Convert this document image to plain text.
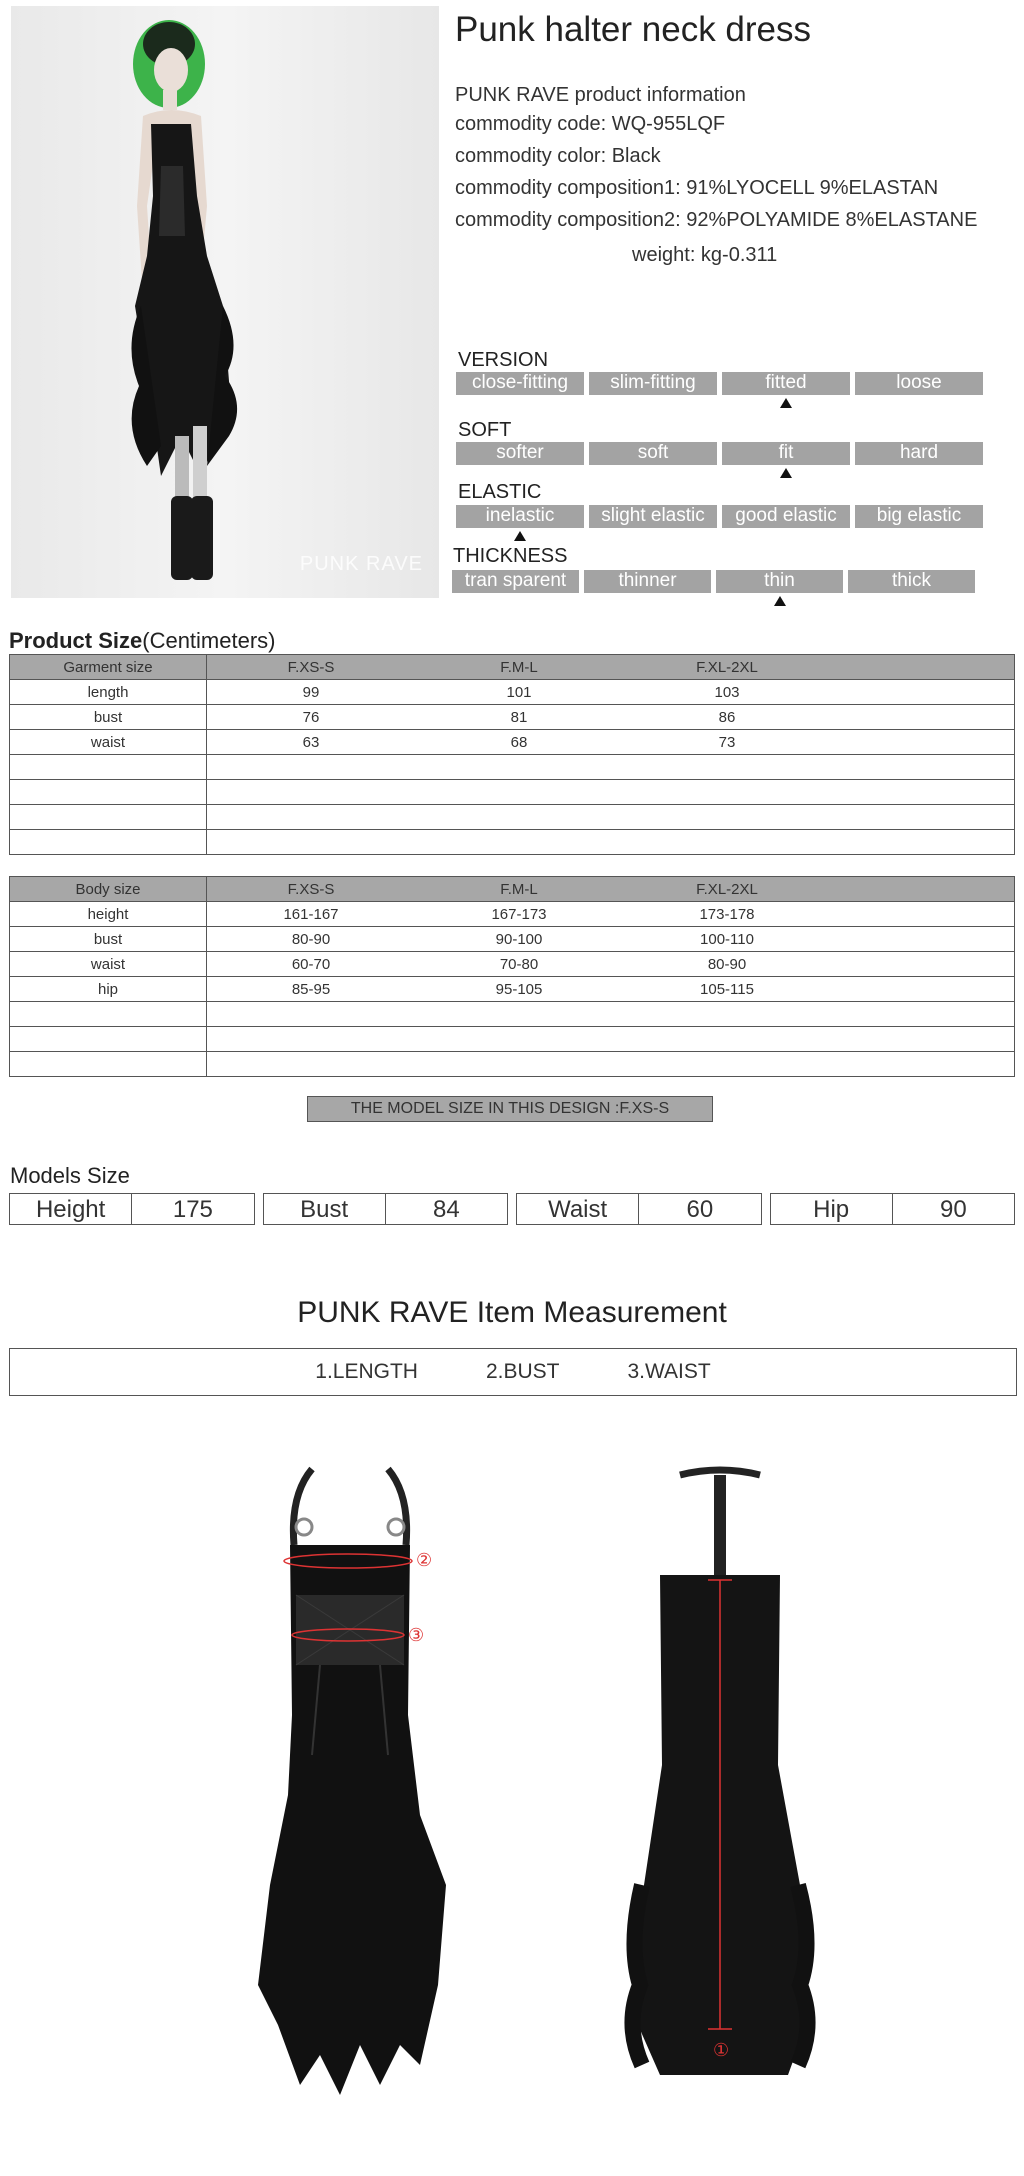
PUNK RAVE
Punk halter neck dress
PUNK RAVE product information
commodity code: WQ-955LQF
commodity color: Black
commodity composition1: 91%LYOCELL 9%ELASTAN
commodity composition2: 92%POLYAMIDE 8%ELASTANE
weight: kg-0.311
VERSION
close-fitting	slim-fitting	fitted	loose
SOFT
softer	soft	fit	hard
ELASTIC
inelastic	slight elastic	good elastic	big elastic
THICKNESS
tran sparent	thinner	thin	thick
Product Size(Centimeters)
Garment size	F.XS-S F.M-L F.XL-2XL

length	99 101 103

bust	76 81 86

waist	63 68 73

Body size	F.XS-S F.M-L F.XL-2XL

height	161-167 167-173 173-178

bust	80-90 90-100 100-110

waist	60-70 70-80 80-90

hip	85-95 95-105 105-115

THE MODEL SIZE IN THIS DESIGN :F.XS-S
Models Size
Height	175	Bust	84	Waist	60	Hip	90
PUNK RAVE Item Measurement
1.LENGTH	2.BUST	3.WAIST
②
③
①
